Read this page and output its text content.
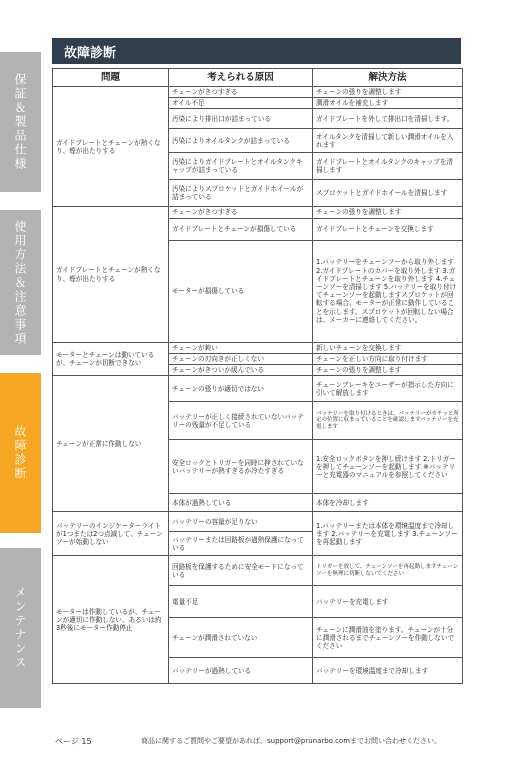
保証＆製品仕様
使用方法＆注意事項
故障診断
メンテナンス
故障診断
問題	考えられる原因	解決方法
ガイドプレートとチェーンが熱くなり、煙が出たりする	チェーンがきつすぎる	チェーンの張りを調整します
	オイル不足	潤滑オイルを補充します
	汚染により排出口が詰まっている	ガイドプレートを外して排出口を清掃します。
	汚染によりオイルタンクが詰まっている	オイルタンクを清掃して新しい潤滑オイルを入れます
	汚染によりガイドプレートとオイルタンクキャップが詰まっている	ガイドプレートとオイルタンクのキャップを清掃します
	汚染によりスプロケットとガイドホイールが詰まっている	スプロケットとガイドホイールを清掃します
ガイドプレートとチェーンが熱くなり、煙が出たりする	チェーンがきつすぎる	チェーンの張りを調整します
	ガイドプレートとチェーンが損傷している	ガイドプレートとチェーンを交換します
	モーターが損傷している	1.バッテリーをチェーンソーから取り外します 2.ガイドプレートのカバーを取り外します 3.ガイドプレートとチェーンを取り外します 4.チェーンソーを清掃します 5.バッテリーを取り付けてチェーンソーを起動しますスプロケットが回転する場合、モーターが正常に動作していることを示します。スプロケットが回転しない場合は、メーカーに連絡してください。
モーターとチェーンは動いているが、チェーンが切断できない	チェーンが鈍い	新しいチェーンを交換します
	チェーンの刃向きが正しくない	チェーンを正しい方向に取り付けます
	チェーンがきついか緩んでいる	チェーンの張りを調整します
チェーンが正常に作動しない	チェーンの張りが適切ではない	チェーンブレーキをユーザーが指示した方向に引いて解放します
	バッテリーが正しく接続されていないバッテリーの残量が不足している	バッテリーを取り付けるときは、バッテリーがカチッと所定の位置に収まっていることを確認しますバッテリーを充電します
	安全ロックとトリガーを同時に押されていないバッテリーが熱すぎるか冷たすぎる	1.安全ロックボタンを押し続けます 2.トリガーを押してチェーンソーを起動します ※バッテリーと充電器のマニュアルを参照してください
	本体が過熱している	本体を冷却します
バッテリーのインジケーターライトが1つまたは2つ点滅して、チェーンソーが始動しない	バッテリーの容量が足りない	1.バッテリーまたは本体を環境温度まで冷却します 2.バッテリーを充電します 3.チェーンソーを再起動します
	バッテリーまたは回路板が過熱保護になっている	
モーターは作動しているが、チェーンが適切に作動しない、あるいは約3秒後にモーター作動停止	回路板を保護するために安全モードになっている	トリガーを放して、チェーンソーを再起動しますチェーンソーを無理に切断しないでください
	電量不足	バッテリーを充電します
	チェーンが潤滑されていない	チェーンに潤滑油を塗ります。チェーンが十分に潤滑されるまでチェーンソーを作動しないでください
	バッテリーが過熱している	バッテリーを環境温度まで冷却します
ページ 15	商品に関するご質問やご要望があれば、support@prunarbo.comまでお問い合わせください。
